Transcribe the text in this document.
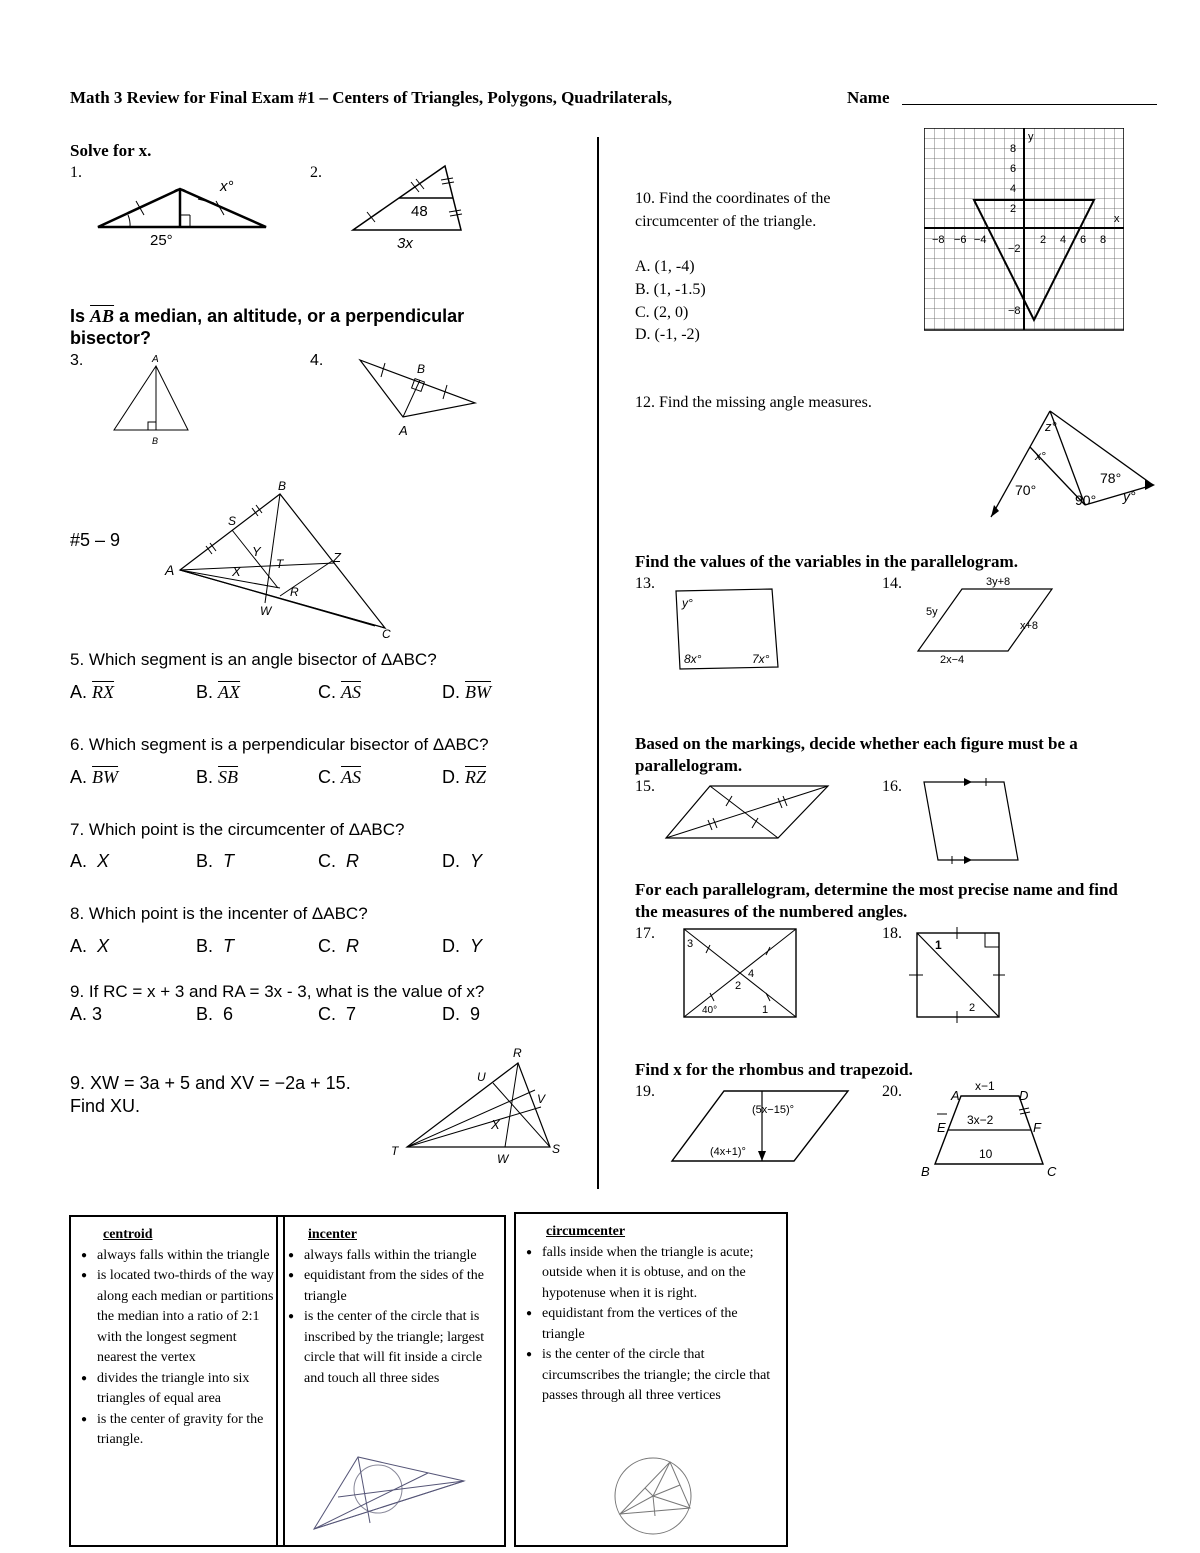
Math 3 Review for Final Exam #1 – Centers of Triangles, Polygons, Quadrilaterals,	Name
Solve for x.
1.	2.
25°
x°
48
3x
Is $\overline{AB}$ a median, an altitude, or a perpendicular bisector?
3.	4.
A
B
B
A
#5 – 9
B
S
A
Y
T
X
Z
R
W
C
5. Which segment is an angle bisector of ΔABC?
A. $\overline{RX}$	B. $\overline{AX}$	C. $\overline{AS}$	D. $\overline{BW}$
6. Which segment is a perpendicular bisector of ΔABC?
A. $\overline{BW}$	B. $\overline{SB}$	C. $\overline{AS}$	D. $\overline{RZ}$
7. Which point is the circumcenter of ΔABC?
A. X	B. T	C. R	D. Y
8. Which point is the incenter of ΔABC?
A. X	B. T	C. R	D. Y
9. If RC = x + 3 and RA = 3x - 3, what is the value of x?
A. 3	B. 6	C. 7	D. 9
9. XW = 3a + 5 and XV = −2a + 15.
Find XU.
R
U
V
X
T
W
S
10. Find the coordinates of the
circumcenter of the triangle.
A. (1, -4)
B. (1, -1.5)
C. (2, 0)
D. (-1, -2)
y
x
−8 −6 −4	2 4 6 8
8
6
4
2
−2
−8
12. Find the missing angle measures.
z°
x°
70°
78°
90° y°
Find the values of the variables in the parallelogram.
13.	14.
y°
8x°	7x°
3y+8
5y
x+8
2x−4
Based on the markings, decide whether each figure must be a parallelogram.
15.	16.
For each parallelogram, determine the most precise name and find the measures of the numbered angles.
17.	18.
3
4
2
40°	1
1
2
Find x for the rhombus and trapezoid.
19.	20.
(5x−15)°
(4x+1)°
A	D
E	F
B	C
x−1
3x−2
10
centroid
● always falls within the triangle
● is located two-thirds of the way along each median or partitions the median into a ratio of 2:1 with the longest segment nearest the vertex
● divides the triangle into six triangles of equal area
● is the center of gravity for the triangle.
incenter
● always falls within the triangle
● equidistant from the sides of the triangle
● is the center of the circle that is inscribed by the triangle; largest circle that will fit inside a circle and touch all three sides
circumcenter
● falls inside when the triangle is acute; outside when it is obtuse, and on the hypotenuse when it is right.
● equidistant from the vertices of the triangle
● is the center of the circle that circumscribes the triangle; the circle that passes through all three vertices
